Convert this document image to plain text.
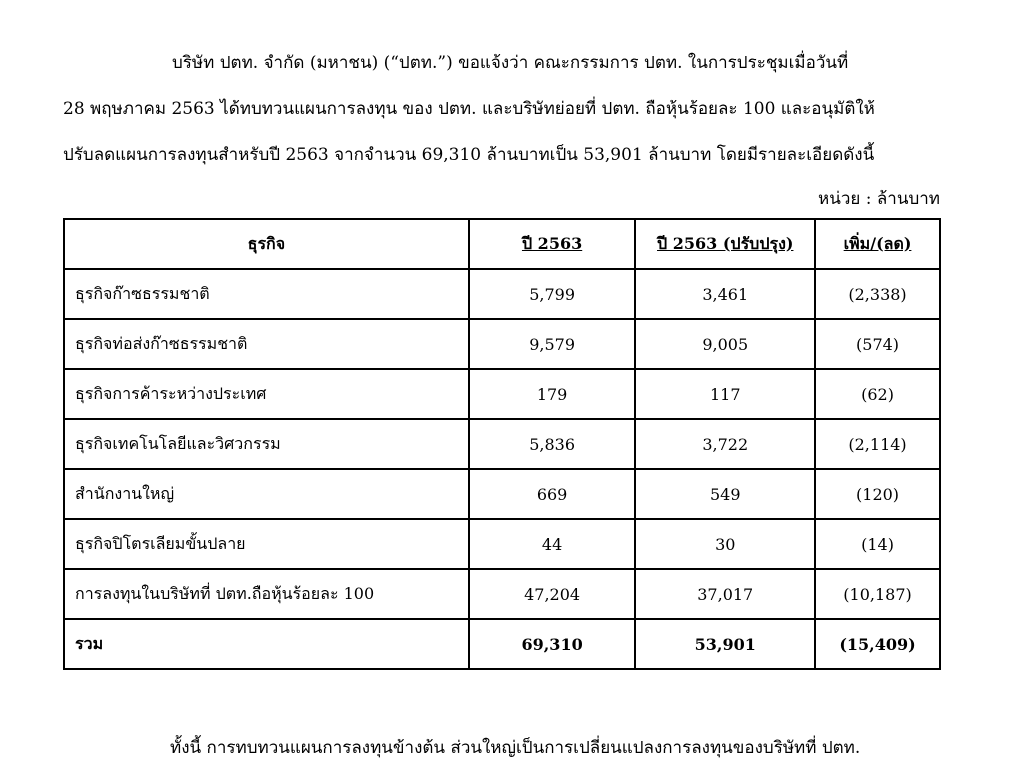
บริษัท ปตท. จำกัด (มหาชน) (“ปตท.”) ขอแจ้งว่า คณะกรรมการ ปตท. ในการประชุมเมื่อวันที่
28 พฤษภาคม 2563 ได้ทบทวนแผนการลงทุน ของ ปตท. และบริษัทย่อยที่ ปตท. ถือหุ้นร้อยละ 100 และอนุมัติให้
ปรับลดแผนการลงทุนสำหรับปี 2563 จากจำนวน 69,310 ล้านบาทเป็น 53,901 ล้านบาท โดยมีรายละเอียดดังนี้
หน่วย : ล้านบาท
ธุรกิจ	ปี 2563	ปี 2563 (ปรับปรุง)	เพิ่ม/(ลด)
ธุรกิจก๊าซธรรมชาติ	5,799	3,461	(2,338)
ธุรกิจท่อส่งก๊าซธรรมชาติ	9,579	9,005	(574)
ธุรกิจการค้าระหว่างประเทศ	179	117	(62)
ธุรกิจเทคโนโลยีและวิศวกรรม	5,836	3,722	(2,114)
สำนักงานใหญ่	669	549	(120)
ธุรกิจปิโตรเลียมขั้นปลาย	44	30	(14)
การลงทุนในบริษัทที่ ปตท.ถือหุ้นร้อยละ 100	47,204	37,017	(10,187)
รวม	69,310	53,901	(15,409)
ทั้งนี้ การทบทวนแผนการลงทุนข้างต้น ส่วนใหญ่เป็นการเปลี่ยนแปลงการลงทุนของบริษัทที่ ปตท.
